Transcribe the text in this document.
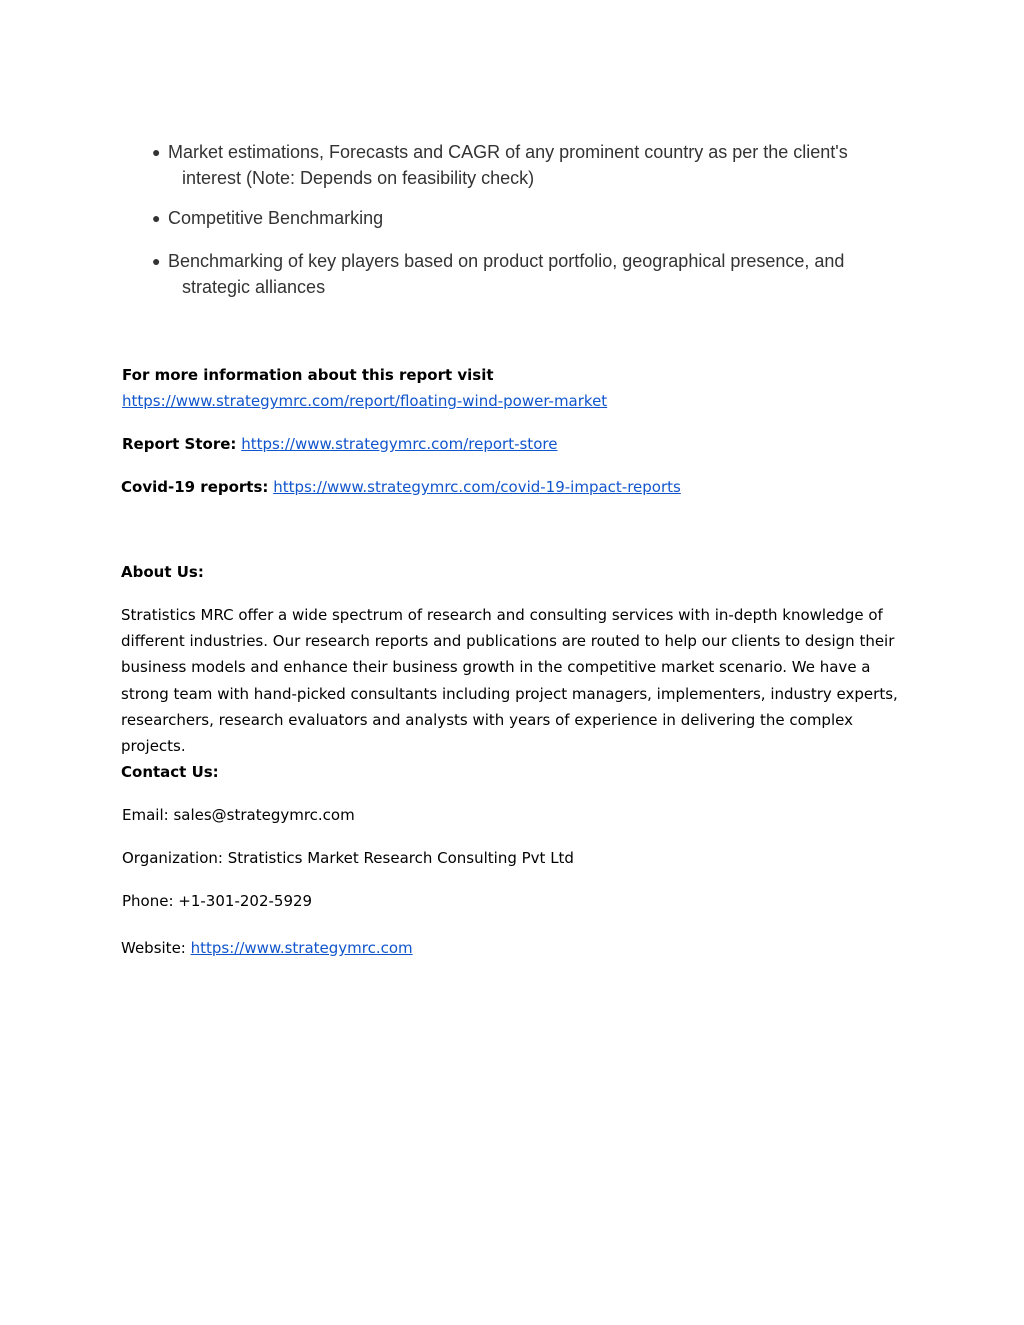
● Market estimations, Forecasts and CAGR of any prominent country as per the client's
interest (Note: Depends on feasibility check)
● Competitive Benchmarking
● Benchmarking of key players based on product portfolio, geographical presence, and
strategic alliances
For more information about this report visit
https://www.strategymrc.com/report/floating-wind-power-market
Report Store: https://www.strategymrc.com/report-store
Covid-19 reports: https://www.strategymrc.com/covid-19-impact-reports
About Us:
Stratistics MRC offer a wide spectrum of research and consulting services with in-depth knowledge of
different industries. Our research reports and publications are routed to help our clients to design their
business models and enhance their business growth in the competitive market scenario. We have a
strong team with hand-picked consultants including project managers, implementers, industry experts,
researchers, research evaluators and analysts with years of experience in delivering the complex
projects.
Contact Us:
Email: sales@strategymrc.com
Organization: Stratistics Market Research Consulting Pvt Ltd
Phone: +1-301-202-5929
Website: https://www.strategymrc.com
